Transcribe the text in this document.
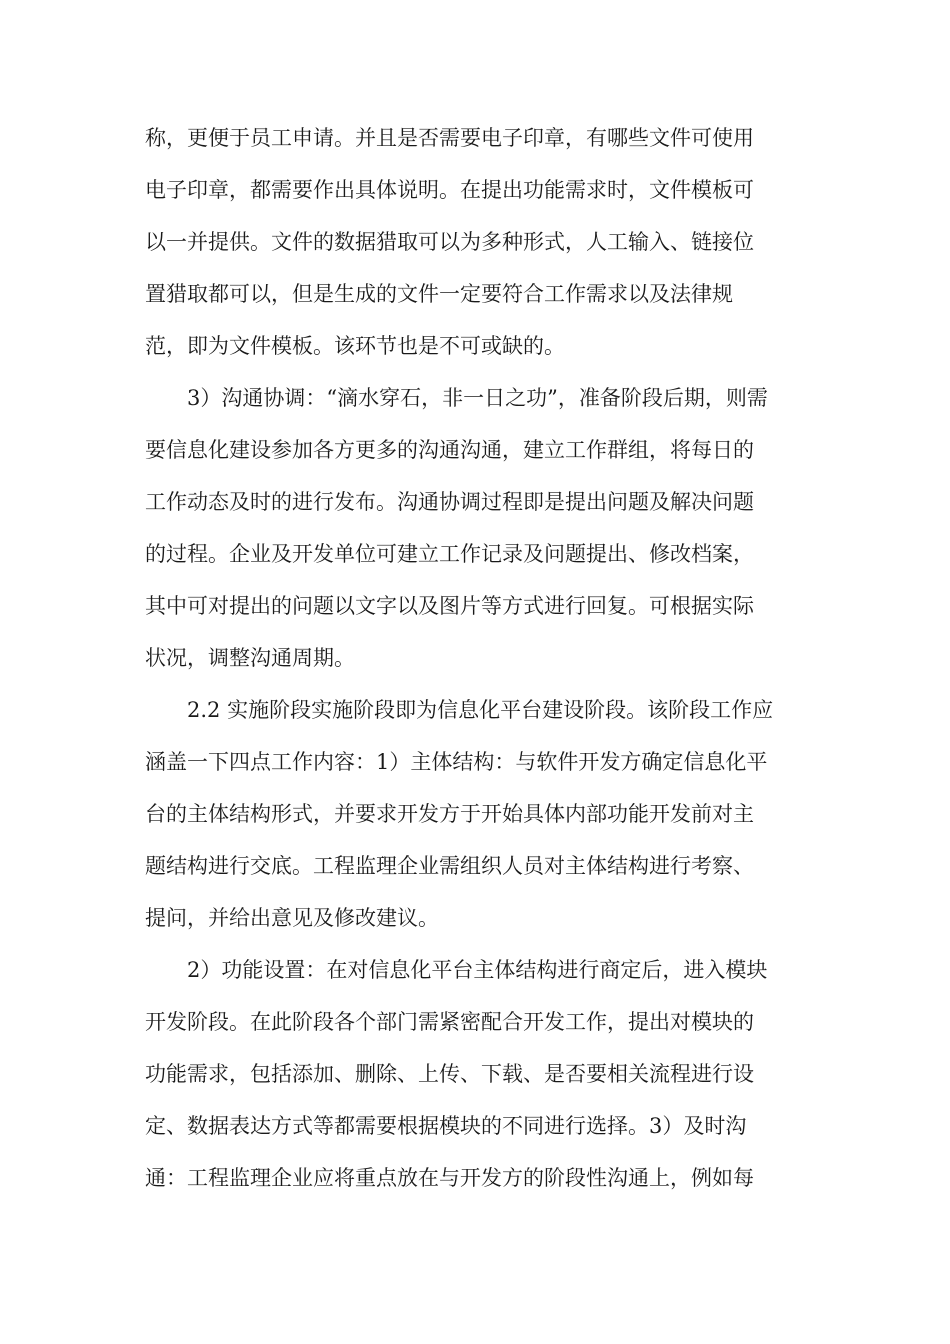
称，更便于员工申请。并且是否需要电子印章，有哪些文件可使用
电子印章，都需要作出具体说明。在提出功能需求时，文件模板可
以一并提供。文件的数据猎取可以为多种形式，人工输入、链接位
置猎取都可以，但是生成的文件一定要符合工作需求以及法律规
范，即为文件模板。该环节也是不可或缺的。
3）沟通协调：“滴水穿石，非一日之功”，准备阶段后期，则需
要信息化建设参加各方更多的沟通沟通，建立工作群组，将每日的
工作动态及时的进行发布。沟通协调过程即是提出问题及解决问题
的过程。企业及开发单位可建立工作记录及问题提出、修改档案，
其中可对提出的问题以文字以及图片等方式进行回复。可根据实际
状况，调整沟通周期。
2.2 实施阶段实施阶段即为信息化平台建设阶段。该阶段工作应
涵盖一下四点工作内容：1）主体结构：与软件开发方确定信息化平
台的主体结构形式，并要求开发方于开始具体内部功能开发前对主
题结构进行交底。工程监理企业需组织人员对主体结构进行考察、
提问，并给出意见及修改建议。
2）功能设置：在对信息化平台主体结构进行商定后，进入模块
开发阶段。在此阶段各个部门需紧密配合开发工作，提出对模块的
功能需求，包括添加、删除、上传、下载、是否要相关流程进行设
定、数据表达方式等都需要根据模块的不同进行选择。3）及时沟
通：工程监理企业应将重点放在与开发方的阶段性沟通上，例如每
